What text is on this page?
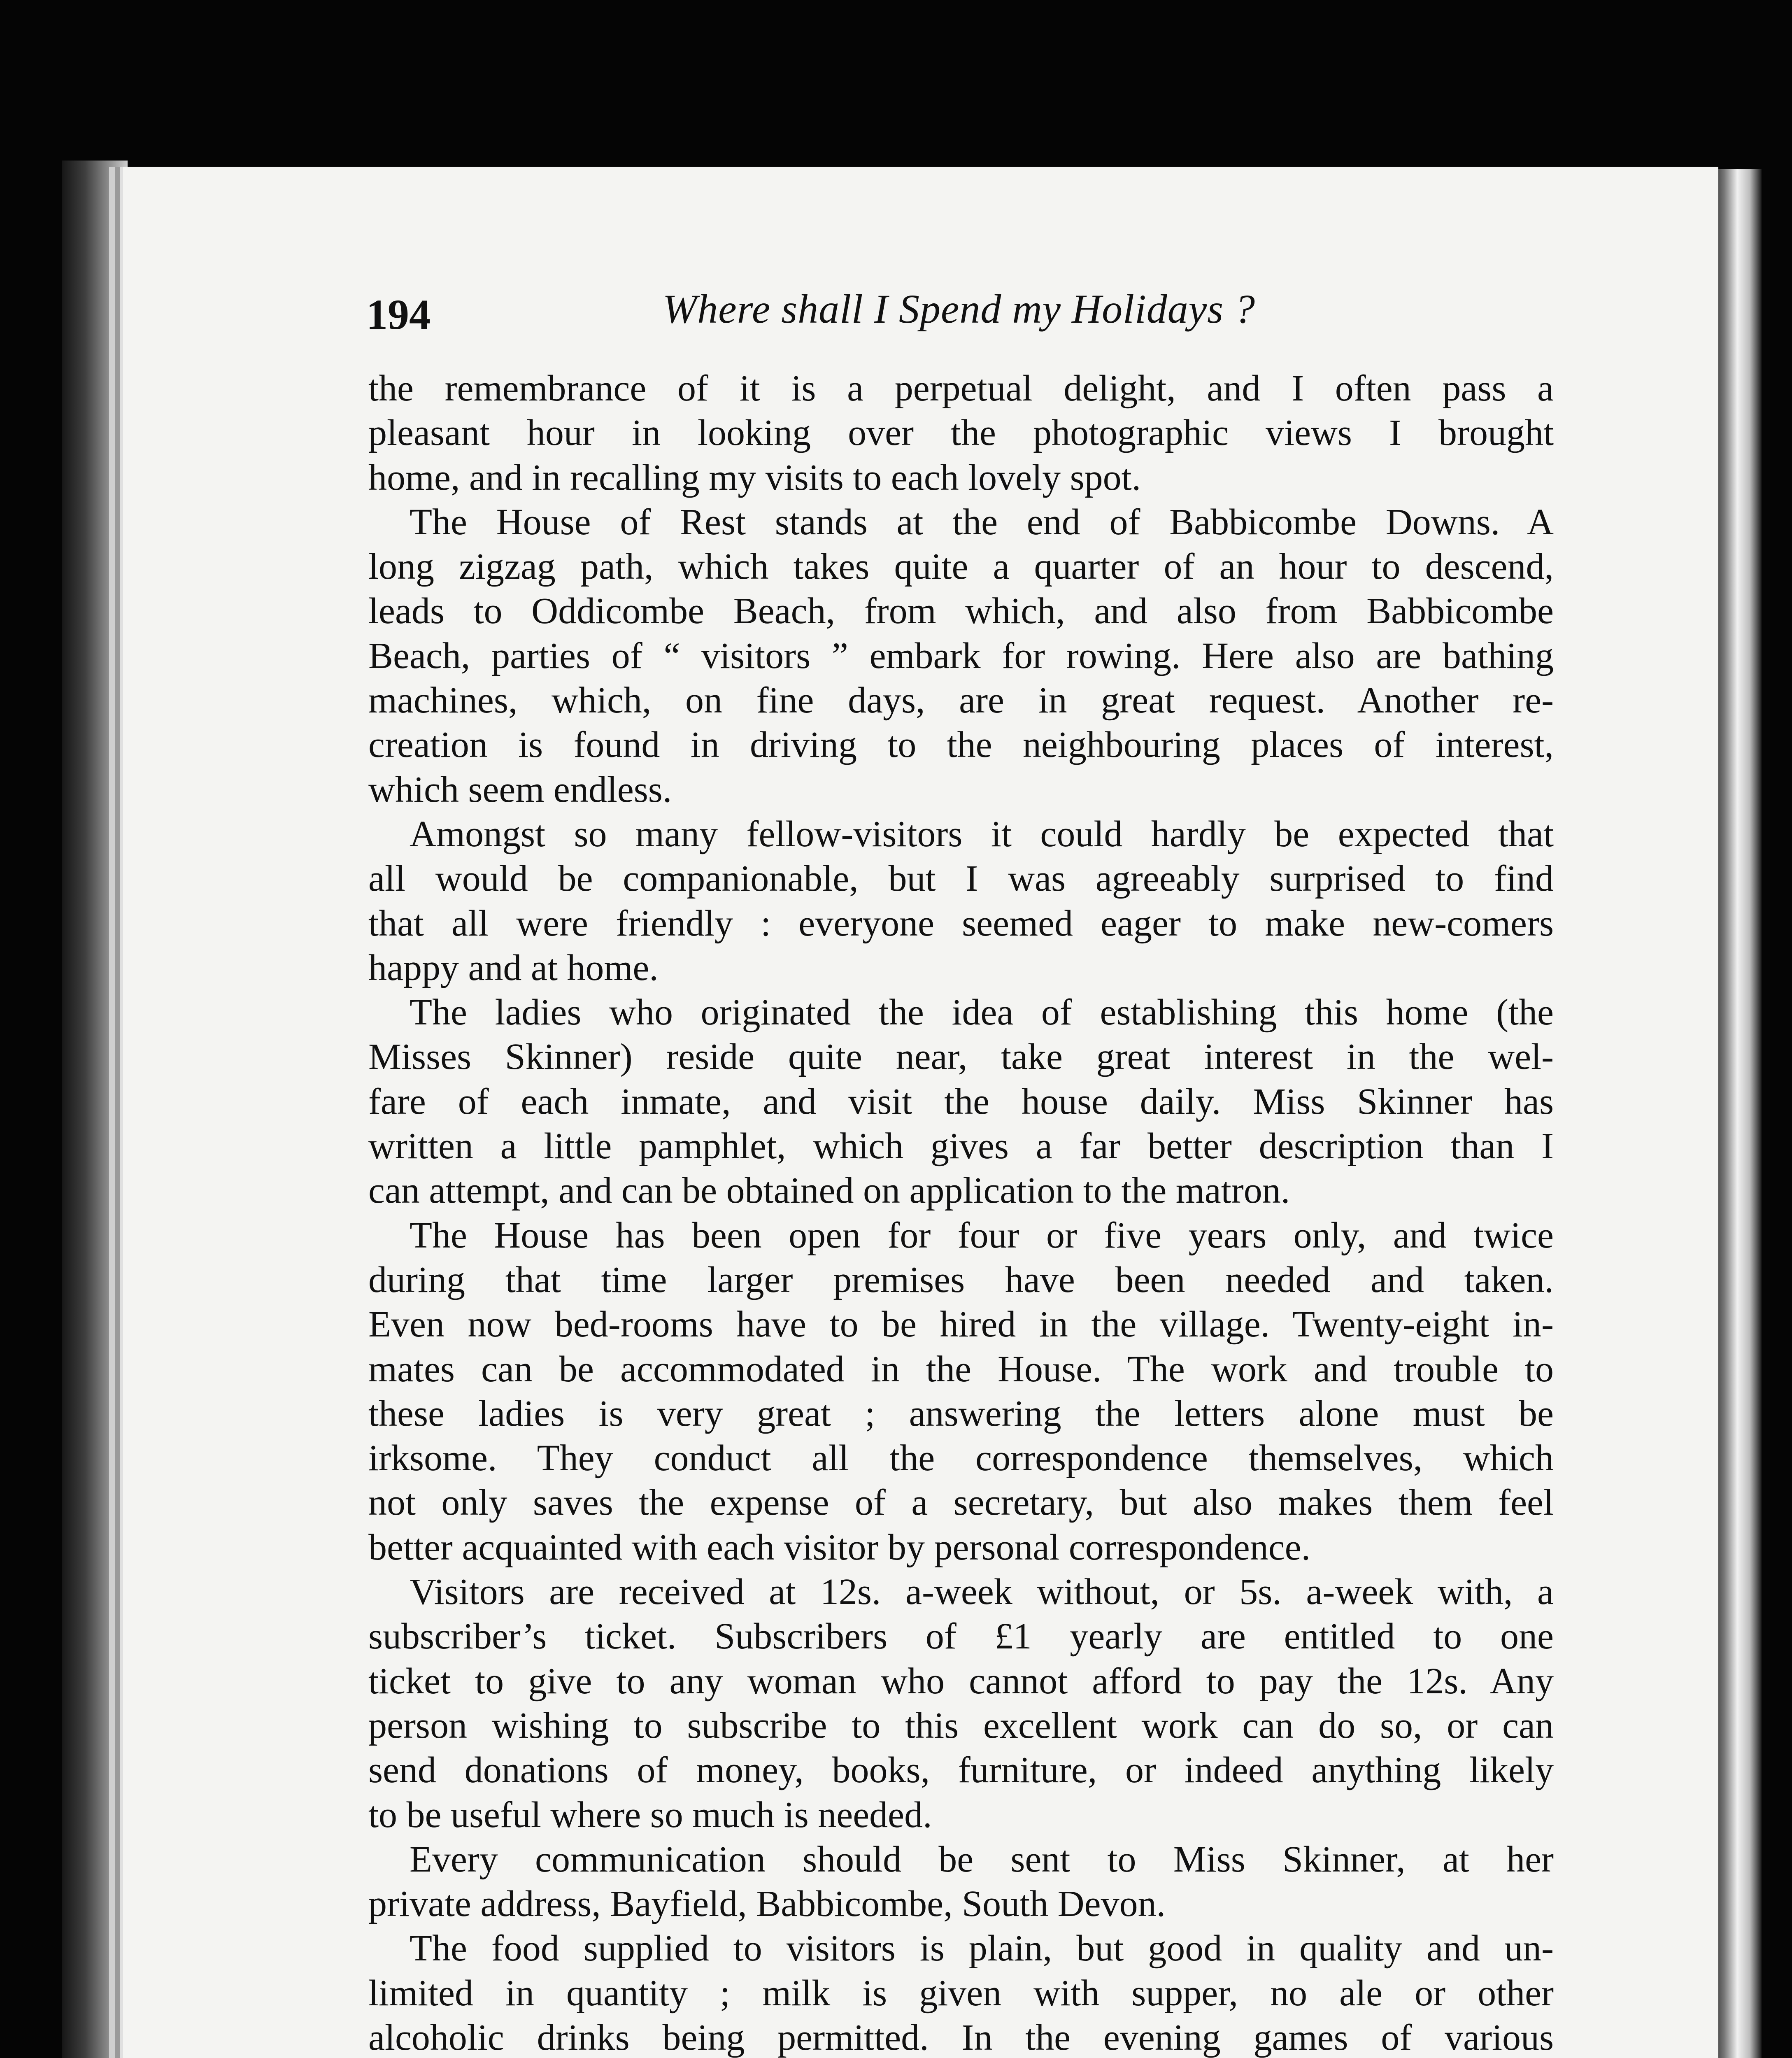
194	Where shall I Spend my Holidays ?
the remembrance of it is a perpetual delight, and I often pass a
pleasant hour in looking over the photographic views I brought
home, and in recalling my visits to each lovely spot.
The House of Rest stands at the end of Babbicombe Downs. A
long zigzag path, which takes quite a quarter of an hour to descend,
leads to Oddicombe Beach, from which, and also from Babbicombe
Beach, parties of “ visitors ” embark for rowing. Here also are bathing
machines, which, on fine days, are in great request. Another re-
creation is found in driving to the neighbouring places of interest,
which seem endless.
Amongst so many fellow-visitors it could hardly be expected that
all would be companionable, but I was agreeably surprised to find
that all were friendly : everyone seemed eager to make new-comers
happy and at home.
The ladies who originated the idea of establishing this home (the
Misses Skinner) reside quite near, take great interest in the wel-
fare of each inmate, and visit the house daily. Miss Skinner has
written a little pamphlet, which gives a far better description than I
can attempt, and can be obtained on application to the matron.
The House has been open for four or five years only, and twice
during that time larger premises have been needed and taken.
Even now bed-rooms have to be hired in the village. Twenty-eight in-
mates can be accommodated in the House. The work and trouble to
these ladies is very great ; answering the letters alone must be
irksome. They conduct all the correspondence themselves, which
not only saves the expense of a secretary, but also makes them feel
better acquainted with each visitor by personal correspondence.
Visitors are received at 12s. a-week without, or 5s. a-week with, a
subscriber’s ticket. Subscribers of £1 yearly are entitled to one
ticket to give to any woman who cannot afford to pay the 12s. Any
person wishing to subscribe to this excellent work can do so, or can
send donations of money, books, furniture, or indeed anything likely
to be useful where so much is needed.
Every communication should be sent to Miss Skinner, at her
private address, Bayfield, Babbicombe, South Devon.
The food supplied to visitors is plain, but good in quality and un-
limited in quantity ; milk is given with supper, no ale or other
alcoholic drinks being permitted. In the evening games of various
